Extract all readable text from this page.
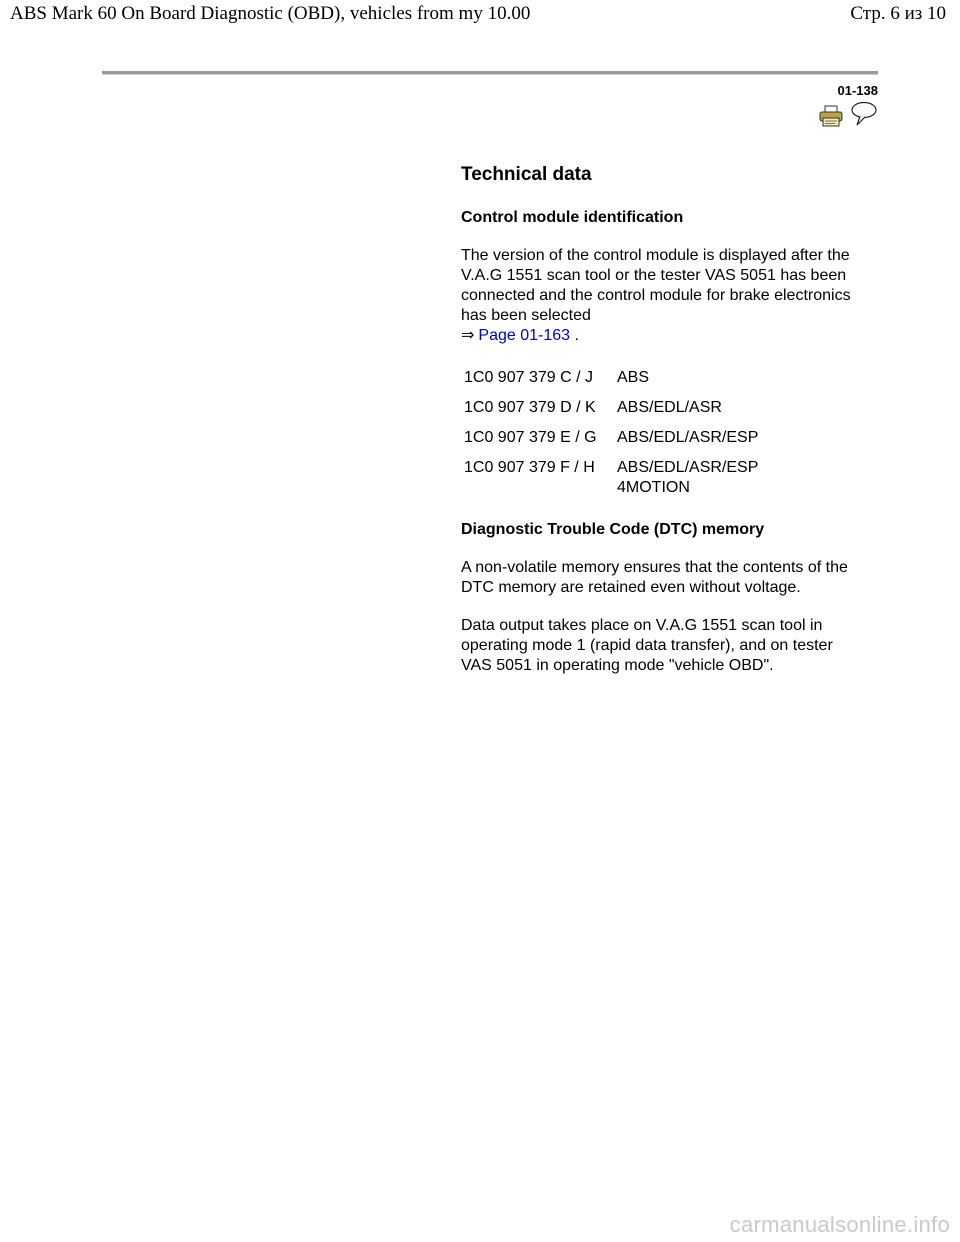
ABS Mark 60 On Board Diagnostic (OBD), vehicles from my 10.00	Стр. 6 из 10
01-138
Technical data
Control module identification

The version of the control module is displayed after the V.A.G 1551 scan tool or the tester VAS 5051 has been connected and the control module for brake electronics has been selected
⇒ Page 01-163 .

1C0 907 379 C / J	ABS
1C0 907 379 D / K	ABS/EDL/ASR
1C0 907 379 E / G	ABS/EDL/ASR/ESP
1C0 907 379 F / H	ABS/EDL/ASR/ESP 4MOTION
Diagnostic Trouble Code (DTC) memory

A non-volatile memory ensures that the contents of the DTC memory are retained even without voltage.

Data output takes place on V.A.G 1551 scan tool in operating mode 1 (rapid data transfer), and on tester VAS 5051 in operating mode "vehicle OBD".

carmanualsonline.info
